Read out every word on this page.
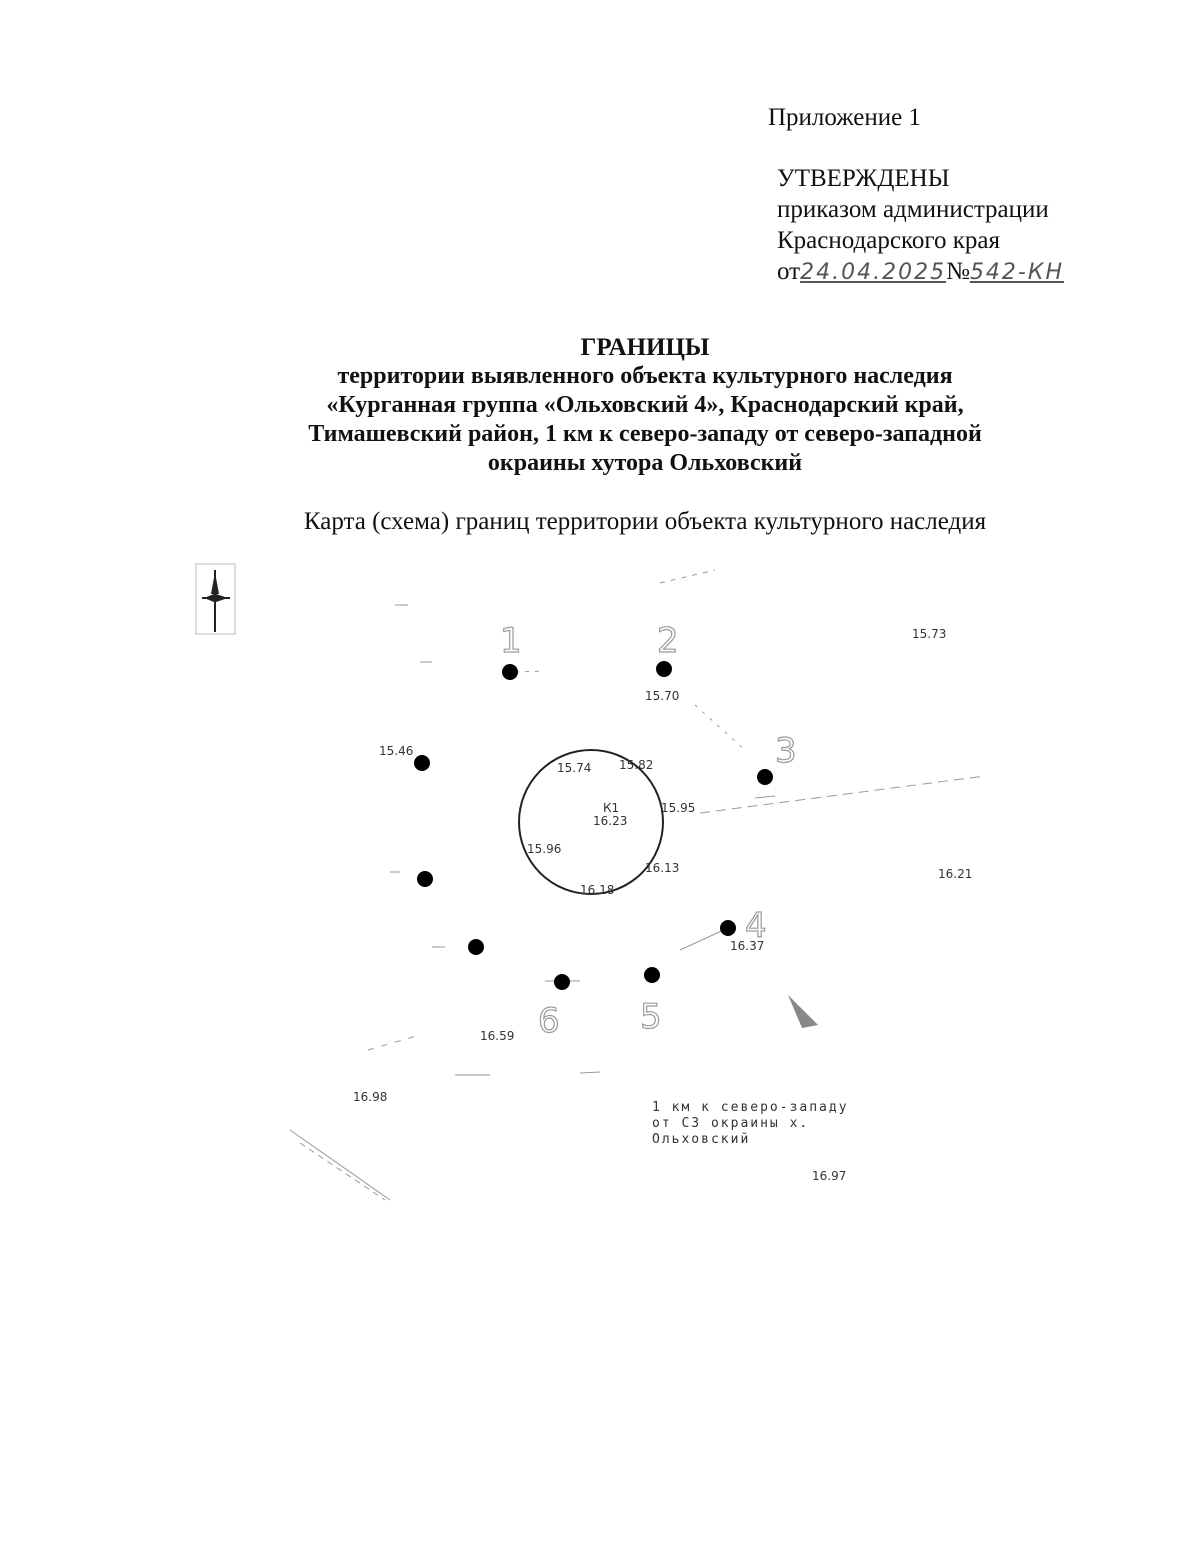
Приложение 1
УТВЕРЖДЕНЫ
приказом администрации
Краснодарского края
от24.04.2025№542-КН
ГРАНИЦЫ
территории выявленного объекта культурного наследия
«Курганная группа «Ольховский 4», Краснодарский край,
Тимашевский район, 1 км к северо-западу от северо-западной
окраины хутора Ольховский
Карта (схема) границ территории объекта культурного наследия
К1
1	2
3
4
5
6
15.73
15.70
15.46
15.74 15.82
16.23
15.95
15.96
16.13
16.18
16.21
16.37
16.59
16.98
16.97
1 км к северо-западу
от СЗ окраины х.
Ольховский
